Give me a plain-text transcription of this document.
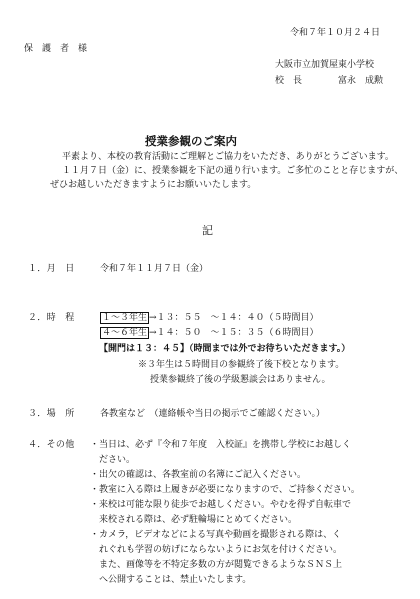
令和７年１０月２４日
保　護　者　様
大阪市立加賀屋東小学校
校　長	富永　成勲
授業参観のご案内
平素より、本校の教育活動にご理解とご協力をいただき、ありがとうございます。
１１月７日（金）に、授業参観を下記の通り行います。ご多忙のことと存じますが、
ぜひお越しいただきますようにお願いいたします。
記
１．月　日	令和７年１１月７日（金）
２．時　程	１～３年生 →１３：５５　～１４：４０（５時間目）
４～６年生 →１４：５０　～１５：３５（６時間目）
【開門は１３：４５】（時間までは外でお待ちいただきます。）
※３年生は５時間目の参観終了後下校となります。
授業参観終了後の学級懇談会はありません。
３．場　所	各教室など　（連絡帳や当日の掲示でご確認ください。）
４．その他 ・当日は、必ず『令和７年度　入校証』を携帯し学校にお越しく
　ださい。
・出欠の確認は、各教室前の名簿にご記入ください。
・教室に入る際は上履きが必要になりますので、ご持参ください。
・来校は可能な限り徒歩でお越しください。やむを得ず自転車で
　来校される際は、必ず駐輪場にとめてください。
・カメラ，ビデオなどによる写真や動画を撮影される際は、く
　れぐれも学習の妨げにならないようにお気を付けください。
　また、画像等を不特定多数の方が閲覧できるようなＳＮＳ上
　へ公開することは、禁止いたします。
